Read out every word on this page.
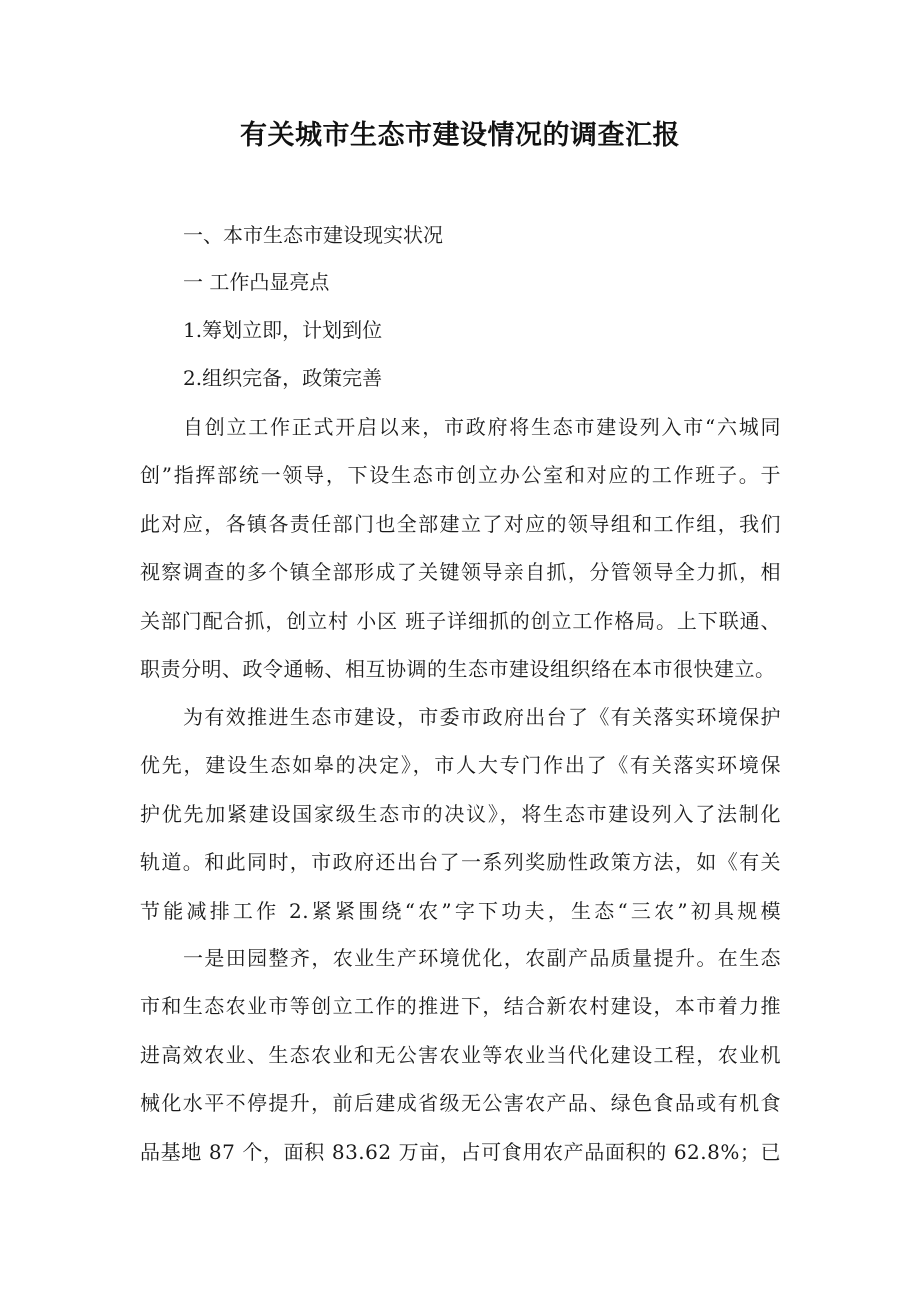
有关城市生态市建设情况的调查汇报

一、本市生态市建设现实状况

一 工作凸显亮点

1.筹划立即，计划到位

2.组织完备，政策完善

自创立工作正式开启以来，市政府将生态市建设列入市“六城同
创”指挥部统一领导，下设生态市创立办公室和对应的工作班子。于
此对应，各镇各责任部门也全部建立了对应的领导组和工作组，我们
视察调查的多个镇全部形成了关键领导亲自抓，分管领导全力抓，相
关部门配合抓，创立村 小区 班子详细抓的创立工作格局。上下联通、
职责分明、政令通畅、相互协调的生态市建设组织络在本市很快建立。
为有效推进生态市建设，市委市政府出台了《有关落实环境保护
优先，建设生态如皋的决定》，市人大专门作出了《有关落实环境保
护优先加紧建设国家级生态市的决议》，将生态市建设列入了法制化
轨道。和此同时，市政府还出台了一系列奖励性政策方法，如《有关
节能减排工作 2.紧紧围绕“农”字下功夫，生态“三农”初具规模
一是田园整齐，农业生产环境优化，农副产品质量提升。在生态
市和生态农业市等创立工作的推进下，结合新农村建设，本市着力推
进高效农业、生态农业和无公害农业等农业当代化建设工程，农业机
械化水平不停提升，前后建成省级无公害农产品、绿色食品或有机食
品基地 87 个，面积 83.62 万亩，占可食用农产品面积的 62.8%；已
